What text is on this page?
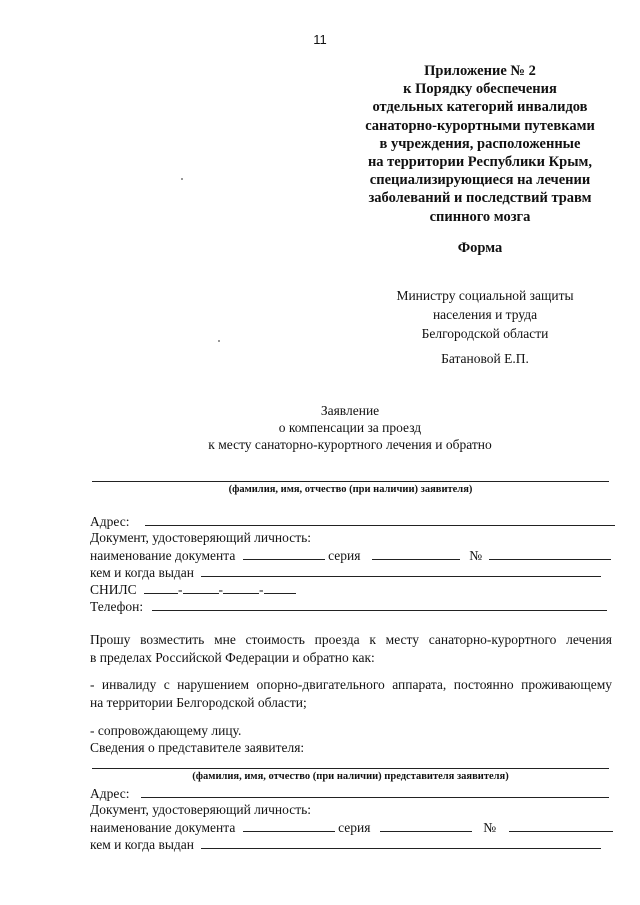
11
Приложение № 2
к Порядку обеспечения
отдельных категорий инвалидов
санаторно-курортными путевками
в учреждения, расположенные
на территории Республики Крым,
специализирующиеся на лечении
заболеваний и последствий травм
спинного мозга
Форма
Министру социальной защиты
населения и труда
Белгородской области
Батановой Е.П.
Заявление
о компенсации за проезд
к месту санаторно-курортного лечения и обратно
(фамилия, имя, отчество (при наличии) заявителя)
Адрес:
Документ, удостоверяющий личность:
наименование документа	серия	№
кем и когда выдан
СНИЛС	-	-	-
Телефон:
Прошу возместить мне стоимость проезда к месту санаторно-курортного лечения
в пределах Российской Федерации и обратно как:
- инвалиду с нарушением опорно-двигательного аппарата, постоянно проживающему
на территории Белгородской области;
- сопровождающему лицу.
Сведения о представителе заявителя:
(фамилия, имя, отчество (при наличии) представителя заявителя)
Адрес:
Документ, удостоверяющий личность:
наименование документа	серия	№
кем и когда выдан
